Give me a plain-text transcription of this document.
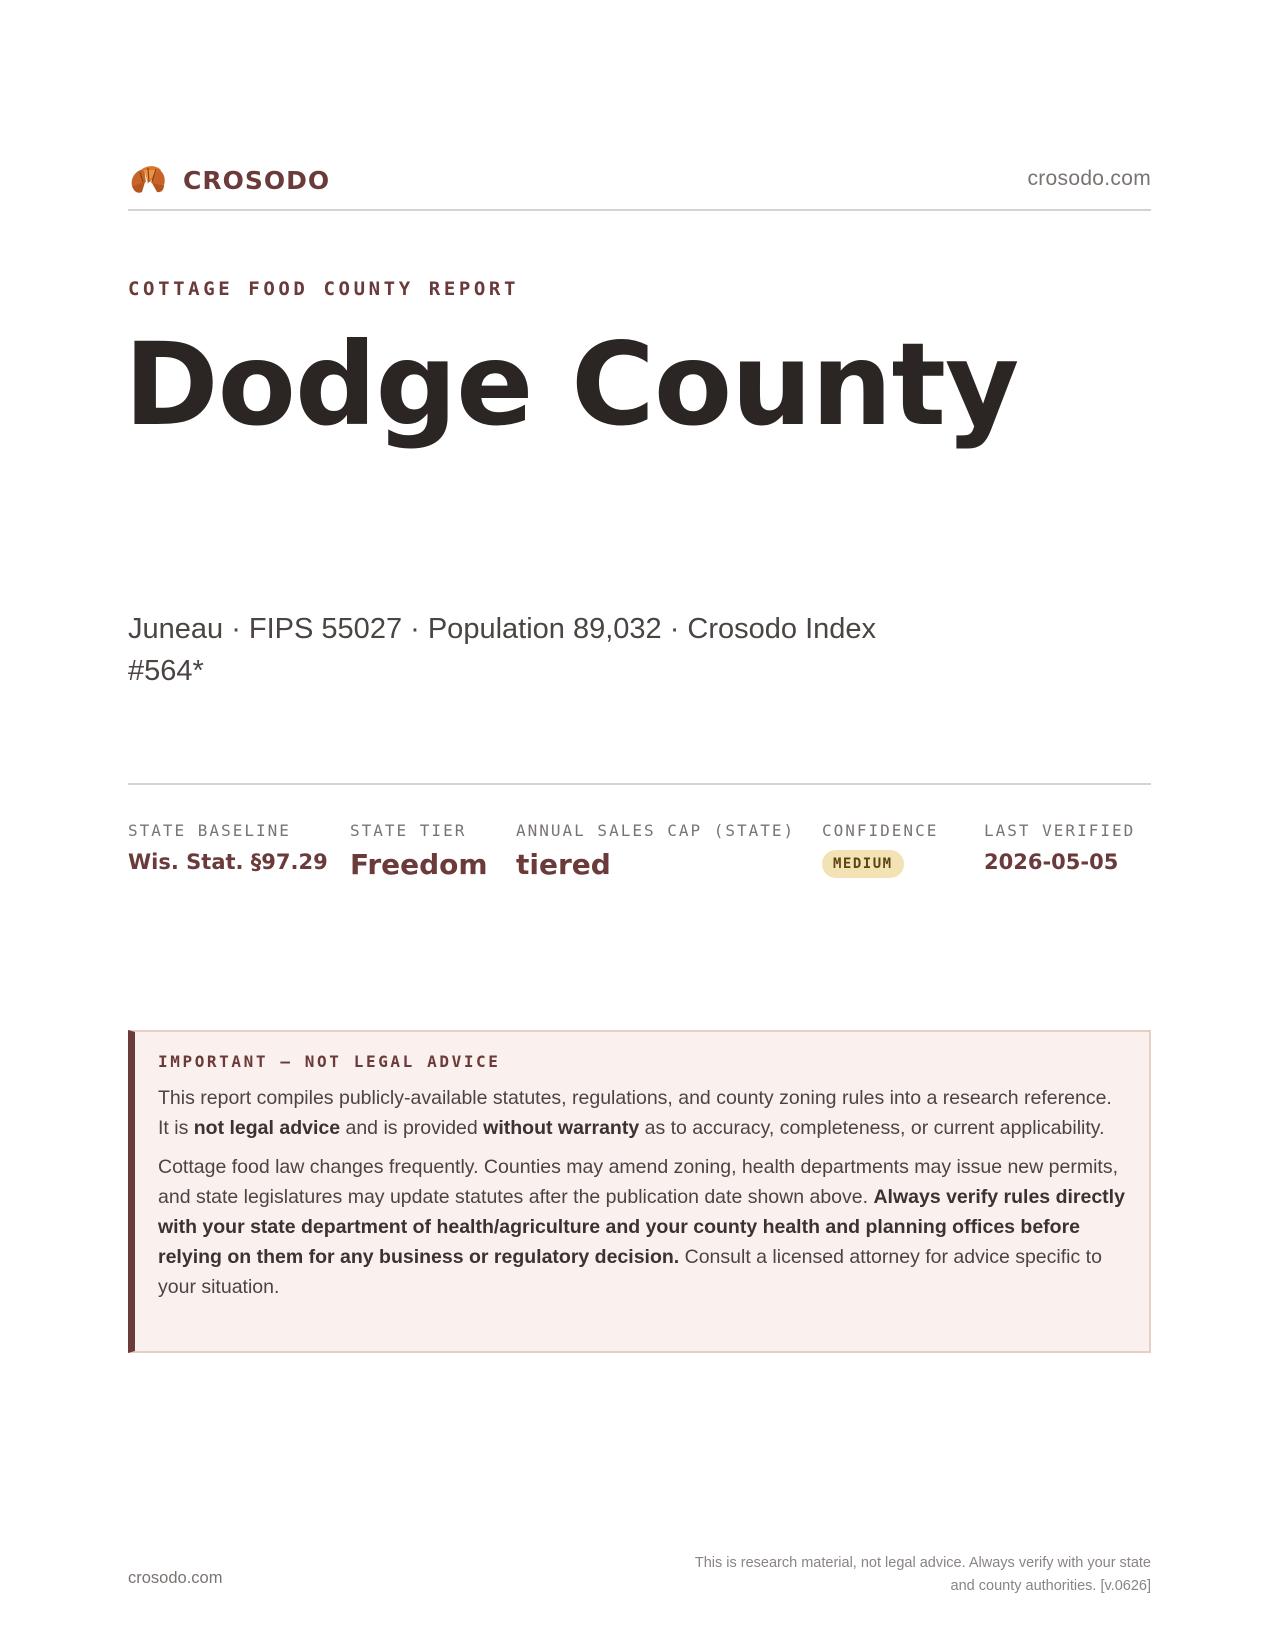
CROSODO	crosodo.com
COTTAGE FOOD COUNTY REPORT
Dodge County
Juneau · FIPS 55027 · Population 89,032 · Crosodo Index #564*
STATE BASELINE
Wis. Stat. §97.29
STATE TIER
Freedom
ANNUAL SALES CAP (STATE)
tiered
CONFIDENCE
MEDIUM
LAST VERIFIED
2026-05-05
IMPORTANT — NOT LEGAL ADVICE

This report compiles publicly-available statutes, regulations, and county zoning rules into a research reference. It is not legal advice and is provided without warranty as to accuracy, completeness, or current applicability.

Cottage food law changes frequently. Counties may amend zoning, health departments may issue new permits, and state legislatures may update statutes after the publication date shown above. Always verify rules directly with your state department of health/agriculture and your county health and planning offices before relying on them for any business or regulatory decision. Consult a licensed attorney for advice specific to your situation.

crosodo.com
This is research material, not legal advice. Always verify with your state
and county authorities. [v.0626]
